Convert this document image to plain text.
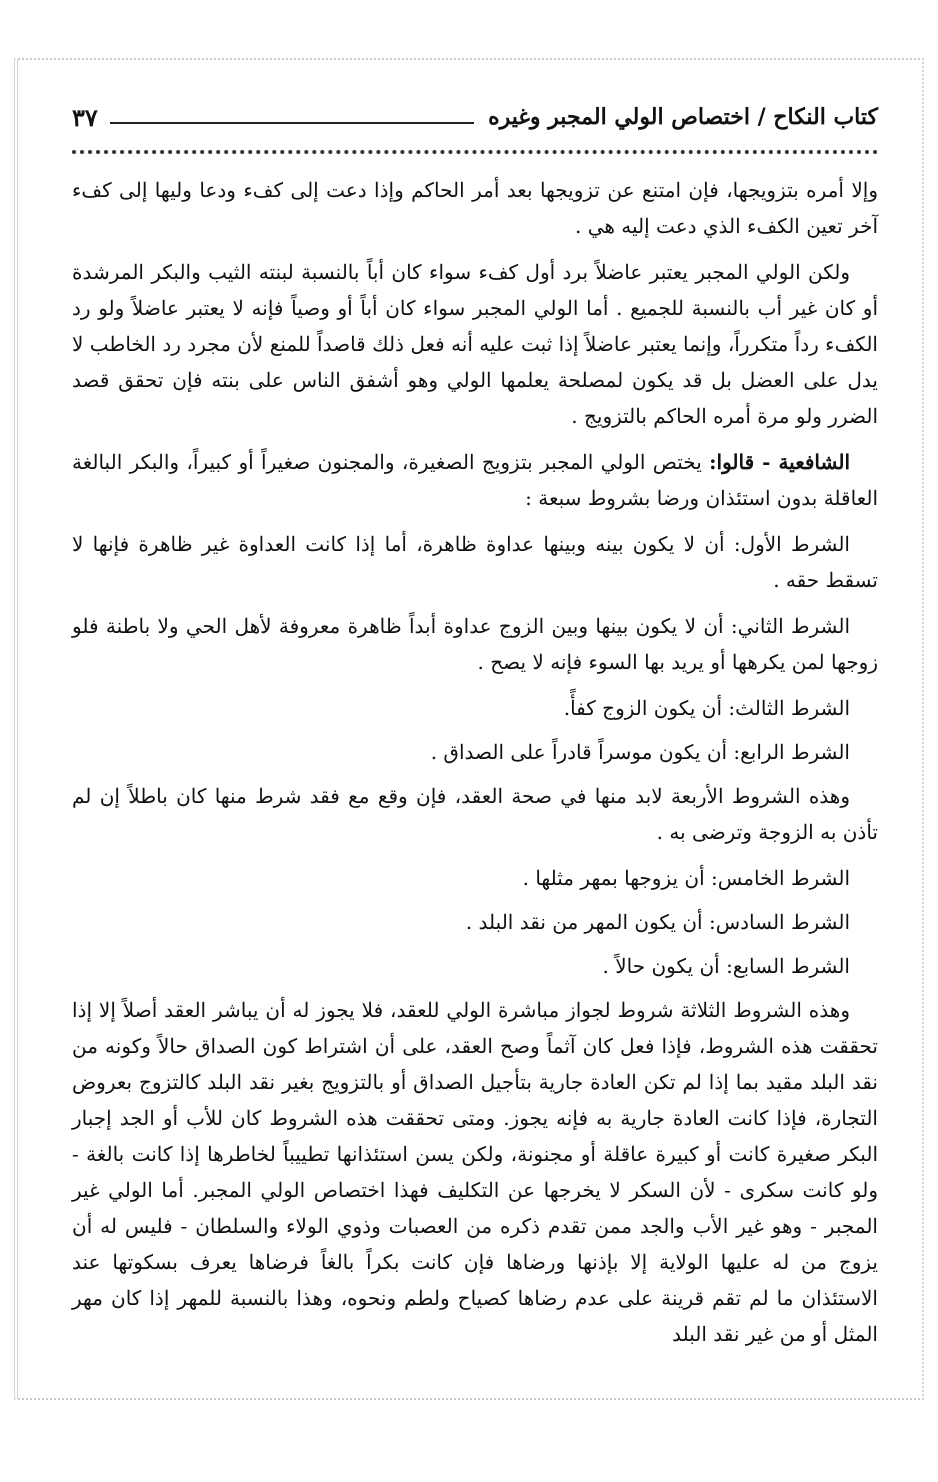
كتاب النكاح / اختصاص الولي المجبر وغيره
٣٧

وإلا أمره بتزويجها، فإن امتنع عن تزويجها بعد أمر الحاكم وإذا دعت إلى كفء ودعا وليها إلى كفء آخر تعين الكفء الذي دعت إليه هي .

ولكن الولي المجبر يعتبر عاضلاً برد أول كفء سواء كان أباً بالنسبة لبنته الثيب والبكر المرشدة أو كان غير أب بالنسبة للجميع . أما الولي المجبر سواء كان أباً أو وصياً فإنه لا يعتبر عاضلاً ولو رد الكفء رداً متكرراً، وإنما يعتبر عاضلاً إذا ثبت عليه أنه فعل ذلك قاصداً للمنع لأن مجرد رد الخاطب لا يدل على العضل بل قد يكون لمصلحة يعلمها الولي وهو أشفق الناس على بنته فإن تحقق قصد الضرر ولو مرة أمره الحاكم بالتزويج .

الشافعية - قالوا: يختص الولي المجبر بتزويج الصغيرة، والمجنون صغيراً أو كبيراً، والبكر البالغة العاقلة بدون استئذان ورضا بشروط سبعة :

الشرط الأول: أن لا يكون بينه وبينها عداوة ظاهرة، أما إذا كانت العداوة غير ظاهرة فإنها لا تسقط حقه .

الشرط الثاني: أن لا يكون بينها وبين الزوج عداوة أبداً ظاهرة معروفة لأهل الحي ولا باطنة فلو زوجها لمن يكرهها أو يريد بها السوء فإنه لا يصح .

الشرط الثالث: أن يكون الزوج كفأً.

الشرط الرابع: أن يكون موسراً قادراً على الصداق .

وهذه الشروط الأربعة لابد منها في صحة العقد، فإن وقع مع فقد شرط منها كان باطلاً إن لم تأذن به الزوجة وترضى به .

الشرط الخامس: أن يزوجها بمهر مثلها .

الشرط السادس: أن يكون المهر من نقد البلد .

الشرط السابع: أن يكون حالاً .

وهذه الشروط الثلاثة شروط لجواز مباشرة الولي للعقد، فلا يجوز له أن يباشر العقد أصلاً إلا إذا تحققت هذه الشروط، فإذا فعل كان آثماً وصح العقد، على أن اشتراط كون الصداق حالاً وكونه من نقد البلد مقيد بما إذا لم تكن العادة جارية بتأجيل الصداق أو بالتزويج بغير نقد البلد كالتزوج بعروض التجارة، فإذا كانت العادة جارية به فإنه يجوز. ومتى تحققت هذه الشروط كان للأب أو الجد إجبار البكر صغيرة كانت أو كبيرة عاقلة أو مجنونة، ولكن يسن استئذانها تطييباً لخاطرها إذا كانت بالغة - ولو كانت سكرى - لأن السكر لا يخرجها عن التكليف فهذا اختصاص الولي المجبر. أما الولي غير المجبر - وهو غير الأب والجد ممن تقدم ذكره من العصبات وذوي الولاء والسلطان - فليس له أن يزوج من له عليها الولاية إلا بإذنها ورضاها فإن كانت بكراً بالغاً فرضاها يعرف بسكوتها عند الاستئذان ما لم تقم قرينة على عدم رضاها كصياح ولطم ونحوه، وهذا بالنسبة للمهر إذا كان مهر المثل أو من غير نقد البلد
